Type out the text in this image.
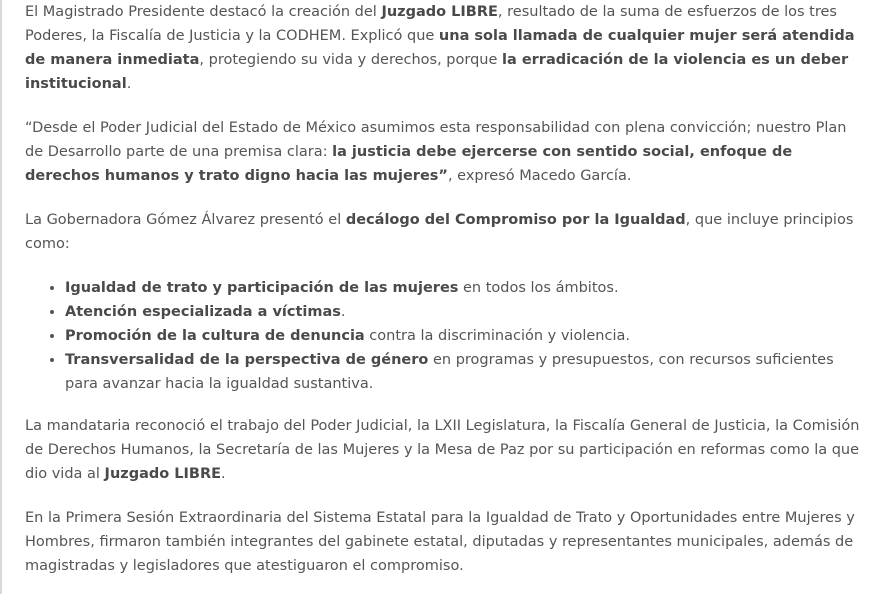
El Magistrado Presidente destacó la creación del Juzgado LIBRE, resultado de la suma de esfuerzos de los tres Poderes, la Fiscalía de Justicia y la CODHEM. Explicó que una sola llamada de cualquier mujer será atendida de manera inmediata, protegiendo su vida y derechos, porque la erradicación de la violencia es un deber institucional.

“Desde el Poder Judicial del Estado de México asumimos esta responsabilidad con plena convicción; nuestro Plan de Desarrollo parte de una premisa clara: la justicia debe ejercerse con sentido social, enfoque de derechos humanos y trato digno hacia las mujeres”, expresó Macedo García.

La Gobernadora Gómez Álvarez presentó el decálogo del Compromiso por la Igualdad, que incluye principios como:

• Igualdad de trato y participación de las mujeres en todos los ámbitos.
• Atención especializada a víctimas.
• Promoción de la cultura de denuncia contra la discriminación y violencia.
• Transversalidad de la perspectiva de género en programas y presupuestos, con recursos suficientes para avanzar hacia la igualdad sustantiva.

La mandataria reconoció el trabajo del Poder Judicial, la LXII Legislatura, la Fiscalía General de Justicia, la Comisión de Derechos Humanos, la Secretaría de las Mujeres y la Mesa de Paz por su participación en reformas como la que dio vida al Juzgado LIBRE.

En la Primera Sesión Extraordinaria del Sistema Estatal para la Igualdad de Trato y Oportunidades entre Mujeres y Hombres, firmaron también integrantes del gabinete estatal, diputadas y representantes municipales, además de magistradas y legisladores que atestiguaron el compromiso.
